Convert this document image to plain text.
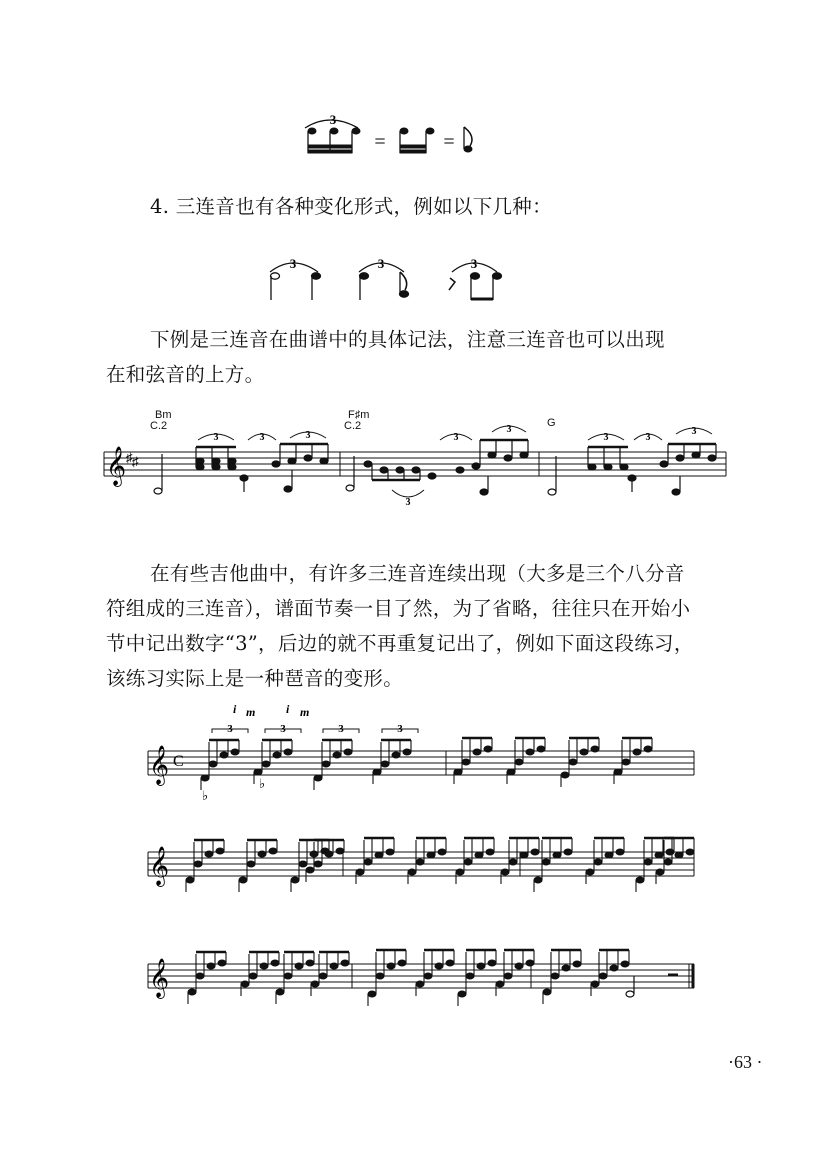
3
=	=
4. 三连音也有各种变化形式，例如以下几种：
3	3	3
下例是三连音在曲谱中的具体记法，注意三连音也可以出现
在和弦音的上方。
Bm
C.2
F♯m
C.2	G
𝄞 ♯ ♯
3	3	3
3
3
3
3	3
3
在有些吉他曲中，有许多三连音连续出现（大多是三个八分音
符组成的三连音），谱面节奏一目了然，为了省略，往往只在开始小
节中记出数字“3”，后边的就不再重复记出了，例如下面这段练习，
该练习实际上是一种琶音的变形。
𝄞
𝄞
𝄞
C
3	3	3	3
i m	i m
♭
♭
·63 ·
